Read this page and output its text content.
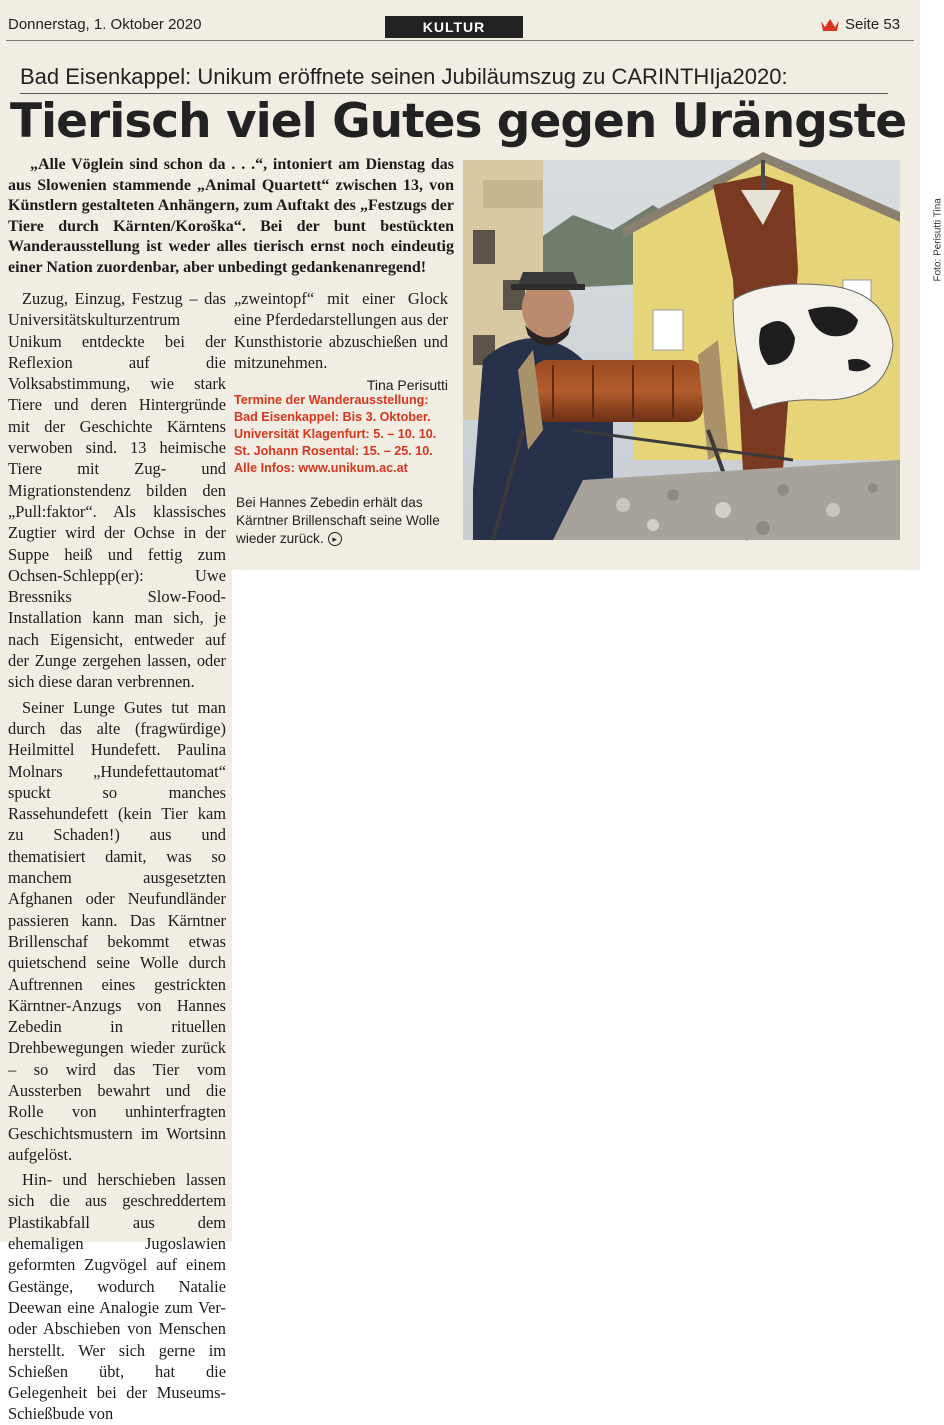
Donnerstag, 1. Oktober 2020	KULTUR	Seite 53
Bad Eisenkappel: Unikum eröffnete seinen Jubiläumszug zu CARINTHIja2020:
Tierisch viel Gutes gegen Urängste

„Alle Vöglein sind schon da . . .“, intoniert am Dienstag das aus Slowenien stammende „Animal Quartett“ zwischen 13, von Künstlern gestalteten Anhängern, zum Auftakt des „Festzugs der Tiere durch Kärnten/Koroška“. Bei der bunt bestückten Wanderausstellung ist weder alles tierisch ernst noch eindeutig einer Nation zuordenbar, aber unbedingt gedankenanregend!

Zuzug, Einzug, Festzug – das Universitätskulturzentrum Unikum entdeckte bei der Reflexion auf die Volksabstimmung, wie stark Tiere und deren Hintergründe mit der Geschichte Kärntens verwoben sind. 13 heimische Tiere mit Zug- und Migrationstendenz bilden den „Pull:faktor“. Als klassisches Zugtier wird der Ochse in der Suppe heiß und fettig zum Ochsen-Schlepp(er): Uwe Bressniks Slow-Food-Installation kann man sich, je nach Eigensicht, entweder auf der Zunge zergehen lassen, oder sich diese daran verbrennen.

Seiner Lunge Gutes tut man durch das alte (fragwürdige) Heilmittel Hundefett. Paulina Molnars „Hundefettautomat“ spuckt so manches Rassehundefett (kein Tier kam zu Schaden!) aus und thematisiert damit, was so manchem ausgesetzten Afghanen oder Neufundländer passieren kann. Das Kärntner Brillenschaf bekommt etwas quietschend seine Wolle durch Auftrennen eines gestrickten Kärntner-Anzugs von Hannes Zebedin in rituellen Drehbewegungen wieder zurück – so wird das Tier vom Aussterben bewahrt und die Rolle von unhinterfragten Geschichtsmustern im Wortsinn aufgelöst.

Hin- und herschieben lassen sich die aus geschreddertem Plastikabfall aus dem ehemaligen Jugoslawien geformten Zugvögel auf einem Gestänge, wodurch Natalie Deewan eine Analogie zum Ver- oder Abschieben von Menschen herstellt. Wer sich gerne im Schießen übt, hat die Gelegenheit bei der Museums-Schießbude von

„zweintopf“ mit einer Glock eine Pferdedarstellungen aus der Kunsthistorie abzuschießen und mitzunehmen.

Tina Perisutti
Termine der Wanderausstellung:
Bad Eisenkappel: Bis 3. Oktober.
Universität Klagenfurt: 5. – 10. 10.
St. Johann Rosental: 15. – 25. 10.
Alle Infos: www.unikum.ac.at
Bei Hannes Zebedin erhält das Kärntner Brillenschaft seine Wolle wieder zurück. ▸
Foto: Perisutti Tina
